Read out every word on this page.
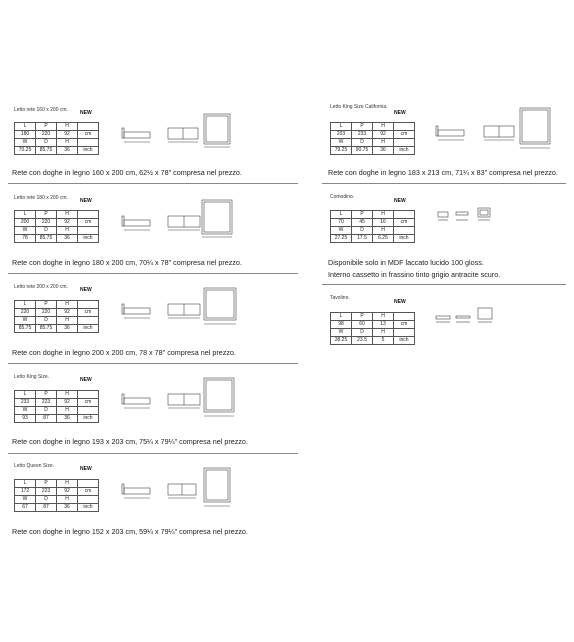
Letto rete 160 x 200 cm. NEW
L	P	H	
180	220	92	cm
W	D	H	
70.25	85.75	36	inch
Rete con doghe in legno 160 x 200 cm, 62½ x 78" compresa nel prezzo.
Letto rete 180 x 200 cm. NEW
L	P	H	
200	220	92	cm
W	D	H	
78	85.75	36	inch
Rete con doghe in legno 180 x 200 cm, 70¼ x 78" compresa nel prezzo.
Letto rete 200 x 200 cm. NEW
L	P	H	
220	220	92	cm
W	D	H	
85.75	85.75	36	inch
Rete con doghe in legno 200 x 200 cm, 78 x 78" compresa nel prezzo.
Letto King Size.	NEW
L	P	H	
233	223	92	cm
W	D	H	
93	87	36	inch
Rete con doghe in legno 193 x 203 cm, 75¼ x 79¼" compresa nel prezzo.
Letto Queen Size.	NEW
L	P	H	
172	223	92	cm
W	D	H	
67	87	36	inch
Rete con doghe in legno 152 x 203 cm, 59¼ x 79¼" compresa nel prezzo.
Letto King Size California.
NEW
L	P	H	
203	233	92	cm
W	D	H	
79.25	90.75	36	inch
Rete con doghe in legno 183 x 213 cm, 71¼ x 83" compresa nel prezzo.
Comodino.
NEW
L	P	H	
70	45	16	cm
W	D	H	
27.25	17.5	6.25	inch
Disponibile solo in MDF laccato lucido 100 gloss.
Interno cassetto in frassino tinto grigio antracite scuro.
Tavolino.
NEW
L	P	H	
98	60	13	cm
W	D	H	
38.25	23.5	5	inch
